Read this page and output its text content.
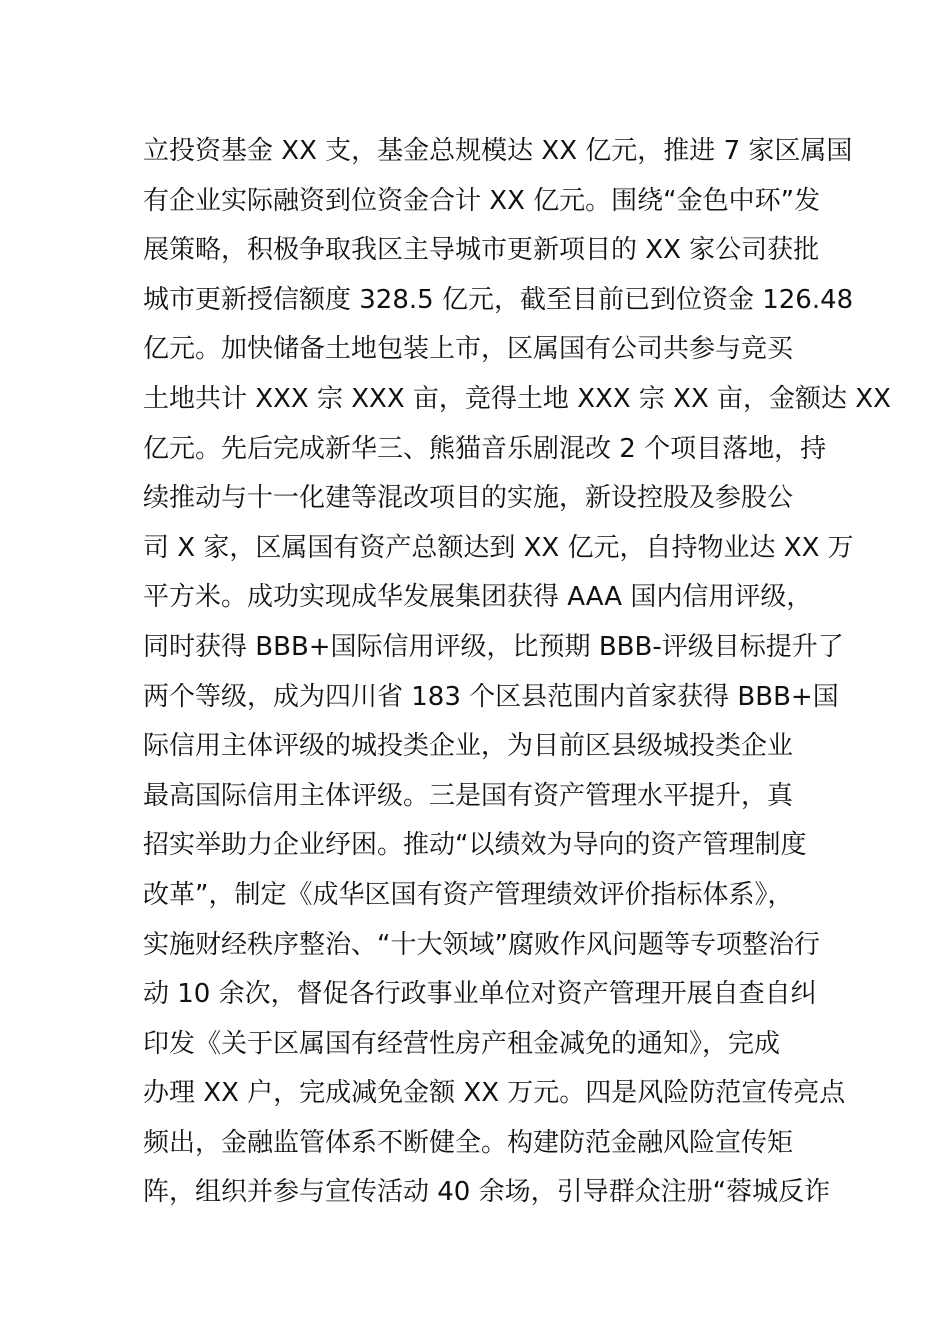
立投资基金 XX 支，基金总规模达 XX 亿元，推进 7 家区属国
有企业实际融资到位资金合计 XX 亿元。围绕“金色中环”发
展策略，积极争取我区主导城市更新项目的 XX 家公司获批
城市更新授信额度 328.5 亿元，截至目前已到位资金 126.48
亿元。加快储备土地包装上市，区属国有公司共参与竞买
土地共计 XXX 宗 XXX 亩，竞得土地 XXX 宗 XX 亩，金额达 XX
亿元。先后完成新华三、熊猫音乐剧混改 2 个项目落地，持
续推动与十一化建等混改项目的实施，新设控股及参股公
司 X 家，区属国有资产总额达到 XX 亿元，自持物业达 XX 万
平方米。成功实现成华发展集团获得 AAA 国内信用评级，
同时获得 BBB+国际信用评级，比预期 BBB-评级目标提升了
两个等级，成为四川省 183 个区县范围内首家获得 BBB+国
际信用主体评级的城投类企业，为目前区县级城投类企业
最高国际信用主体评级。三是国有资产管理水平提升，真
招实举助力企业纾困。推动“以绩效为导向的资产管理制度
改革”，制定《成华区国有资产管理绩效评价指标体系》，
实施财经秩序整治、“十大领域”腐败作风问题等专项整治行
动 10 余次，督促各行政事业单位对资产管理开展自查自纠
印发《关于区属国有经营性房产租金减免的通知》，完成
办理 XX 户，完成减免金额 XX 万元。四是风险防范宣传亮点
频出，金融监管体系不断健全。构建防范金融风险宣传矩
阵，组织并参与宣传活动 40 余场，引导群众注册“蓉城反诈
